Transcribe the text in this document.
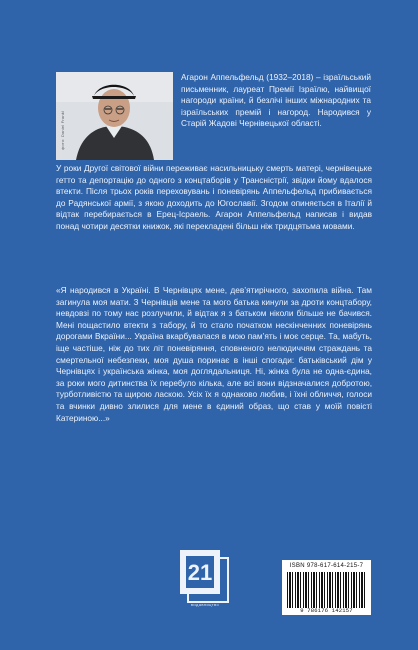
фото: Daniel Frankl

Агарон Аппельфельд (1932–2018) – ізраїльський письменник, лауреат Премії Ізраїлю, найвищої нагороди країни, й безлічі інших міжнародних та ізраїльських премій і нагород. Народився у Старій Жадові Чернівецької області.

У роки Другої світової війни переживає насильницьку смерть матері, чернівецьке гетто та депортацію до одного з концтаборів у Трансністрії, звідки йому вдалося втекти. Після трьох років переховувань і поневірянь Аппельфельд прибивається до Радянської армії, з якою доходить до Югославії. Згодом опиняється в Італії й відтак перебирається в Ерец-Ісраель. Агарон Аппельфельд написав і видав понад чотири десятки книжок, які перекладені більш ніж тридцятьма мовами.

«Я народився в Україні. В Чернівцях мене, дев’ятирічного, захопила війна. Там загинула моя мати. З Чернівців мене та мого батька кинули за дроти концтабору, невдовзі по тому нас розлучили, й відтак я з батьком ніколи більше не бачився. Мені пощастило втекти з табору, й то стало початком нескінченних поневірянь дорогами Вкраїни... Україна вкарбувалася в мою пам’ять і моє серце. Та, мабуть, іще частіше, ніж до тих літ поневіряння, сповненого нелюдиччям страждань та смертельної небезпеки, моя душа поринає в інші спогади: батьківський дім у Чернівцях і українська жінка, моя доглядальниця. Ні, жінка була не одна-єдина, за роки мого дитинства їх перебуло кілька, але всі вони відзначалися добротою, турботливістю та щирою ласкою. Усіх їх я однаково любив, і їхні обличчя, голоси та вчинки дивно злилися для мене в єдиний образ, що став у моїй повісті Катериною...»

21
видавництво
ISBN 978-617-614-215-7
9 786176 142157
